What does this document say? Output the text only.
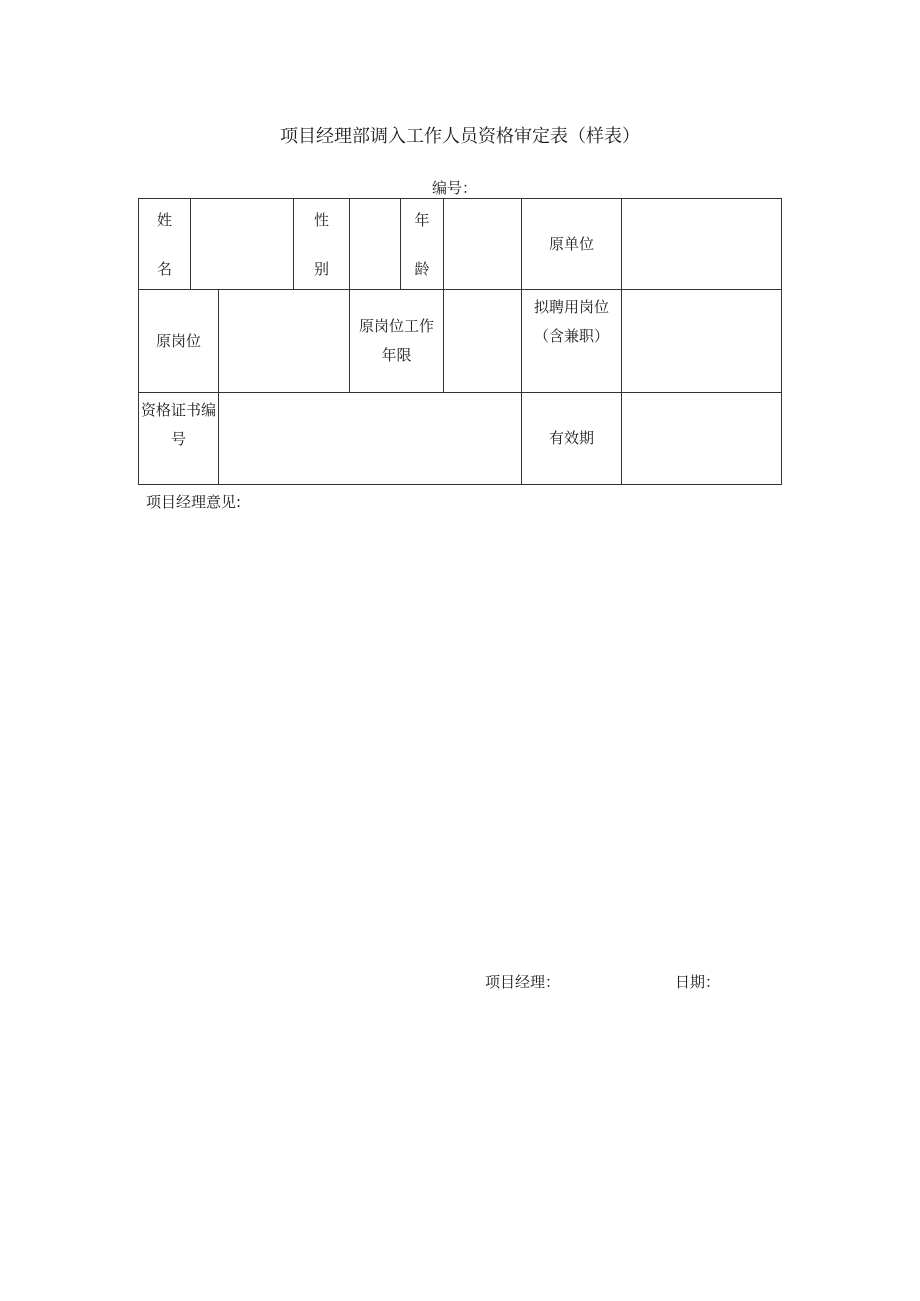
项目经理部调入工作人员资格审定表（样表）
编号：
姓
名
性
别
年
龄
原单位
原岗位
原岗位工作
年限
拟聘用岗位
（含兼职）
资格证书编
号	有效期
项目经理意见:
项目经理：	日期：
